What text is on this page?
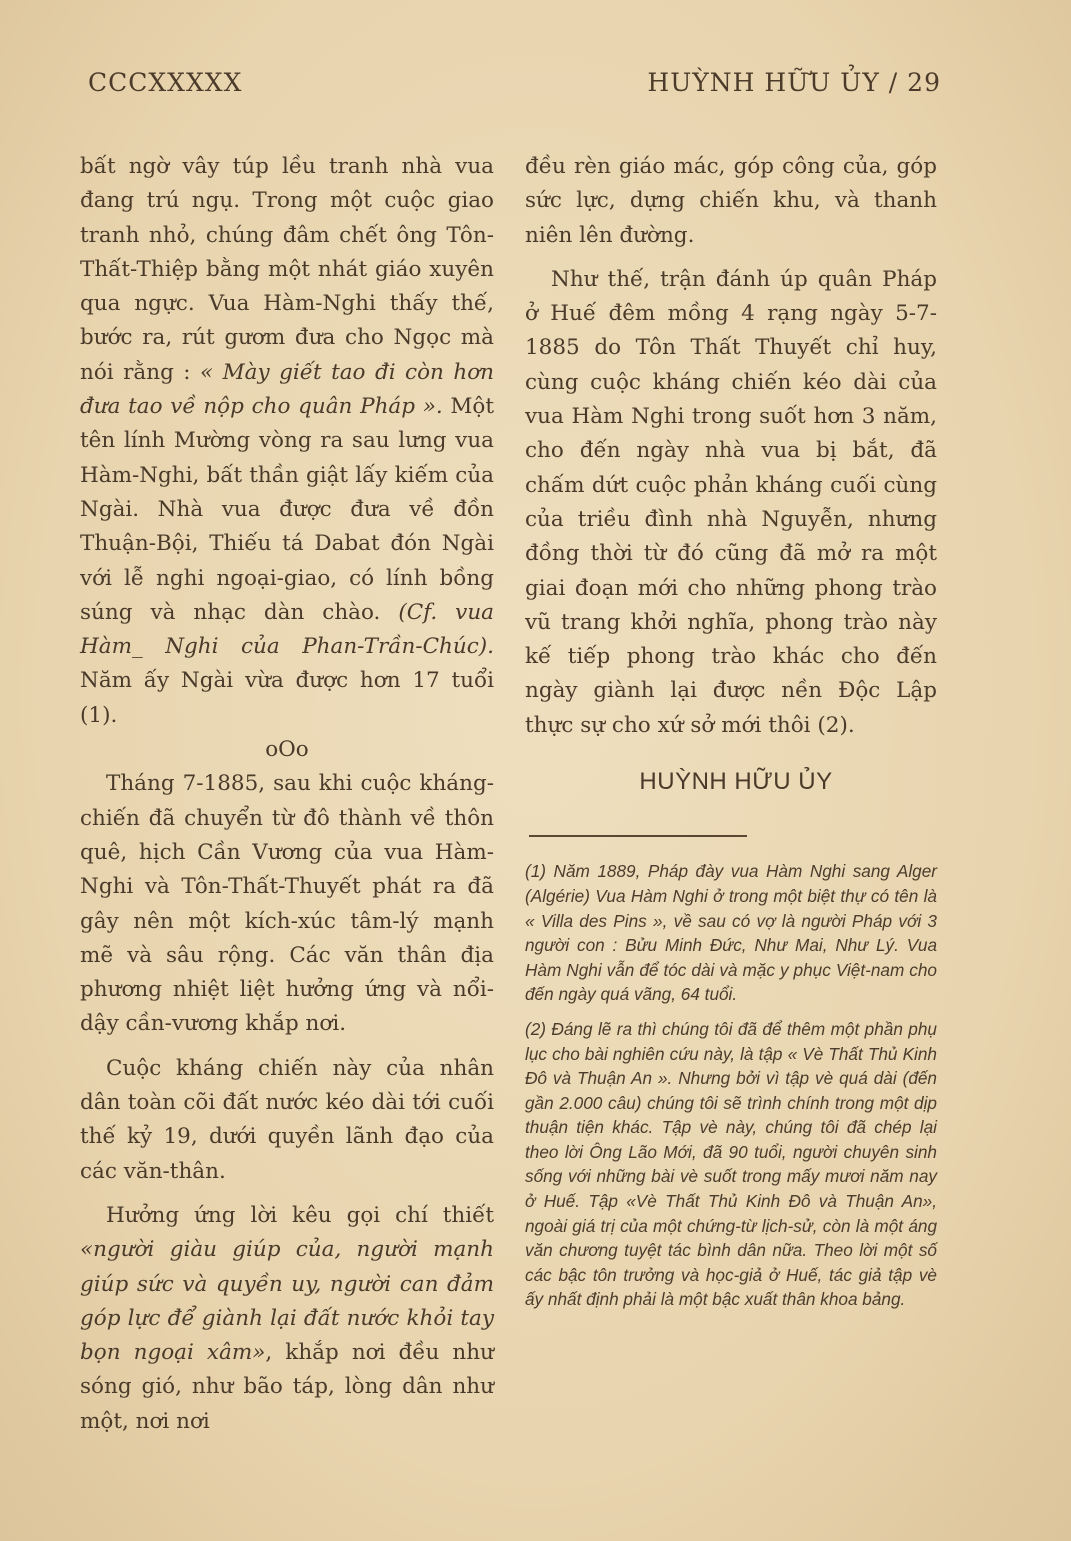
CCCXXXXX	HUỲNH HỮU ỦY / 29

bất ngờ vây túp lều tranh nhà vua đang trú ngụ. Trong một cuộc giao tranh nhỏ, chúng đâm chết ông Tôn-Thất-Thiệp bằng một nhát giáo xuyên qua ngực. Vua Hàm-Nghi thấy thế, bước ra, rút gươm đưa cho Ngọc mà nói rằng : « Mày giết tao đi còn hơn đưa tao về nộp cho quân Pháp ». Một tên lính Mường vòng ra sau lưng vua Hàm-Nghi, bất thần giật lấy kiếm của Ngài. Nhà vua được đưa về đồn Thuận-Bội, Thiếu tá Dabat đón Ngài với lễ nghi ngoại-giao, có lính bồng súng và nhạc dàn chào. (Cf. vua Hàm_ Nghi của Phan-Trần-Chúc). Năm ấy Ngài vừa được hơn 17 tuổi (1).

oOo

Tháng 7-1885, sau khi cuộc kháng-chiến đã chuyển từ đô thành về thôn quê, hịch Cần Vương của vua Hàm-Nghi và Tôn-Thất-Thuyết phát ra đã gây nên một kích-xúc tâm-lý mạnh mẽ và sâu rộng. Các văn thân địa phương nhiệt liệt hưởng ứng và nổi-dậy cần-vương khắp nơi.

Cuộc kháng chiến này của nhân dân toàn cõi đất nước kéo dài tới cuối thế kỷ 19, dưới quyền lãnh đạo của các văn-thân.

Hưởng ứng lời kêu gọi chí thiết «người giàu giúp của, người mạnh giúp sức và quyền uy, người can đảm góp lực để giành lại đất nước khỏi tay bọn ngoại xâm», khắp nơi đều như sóng gió, như bão táp, lòng dân như một, nơi nơi

đều rèn giáo mác, góp công của, góp sức lực, dựng chiến khu, và thanh niên lên đường.

Như thế, trận đánh úp quân Pháp ở Huế đêm mồng 4 rạng ngày 5-7-1885 do Tôn Thất Thuyết chỉ huy, cùng cuộc kháng chiến kéo dài của vua Hàm Nghi trong suốt hơn 3 năm, cho đến ngày nhà vua bị bắt, đã chấm dứt cuộc phản kháng cuối cùng của triều đình nhà Nguyễn, nhưng đồng thời từ đó cũng đã mở ra một giai đoạn mới cho những phong trào vũ trang khởi nghĩa, phong trào này kế tiếp phong trào khác cho đến ngày giành lại được nền Độc Lập thực sự cho xứ sở mới thôi (2).

HUỲNH HỮU ỦY

(1) Năm 1889, Pháp đày vua Hàm Nghi sang Alger (Algérie) Vua Hàm Nghi ở trong một biệt thự có tên là « Villa des Pins », về sau có vợ là người Pháp với 3 người con : Bửu Minh Đức, Như Mai, Như Lý. Vua Hàm Nghi vẫn để tóc dài và mặc y phục Việt-nam cho đến ngày quá vãng, 64 tuổi.

(2) Đáng lẽ ra thì chúng tôi đã để thêm một phần phụ lục cho bài nghiên cứu này, là tập « Vè Thất Thủ Kinh Đô và Thuận An ». Nhưng bởi vì tập vè quá dài (đến gần 2.000 câu) chúng tôi sẽ trình chính trong một dịp thuận tiện khác. Tập vè này, chúng tôi đã chép lại theo lời Ông Lão Mới, đã 90 tuổi, người chuyên sinh sống với những bài vè suốt trong mấy mươi năm nay ở Huế. Tập «Vè Thất Thủ Kinh Đô và Thuận An», ngoài giá trị của một chứng-từ lịch-sử, còn là một áng văn chương tuyệt tác bình dân nữa. Theo lời một số các bậc tôn trưởng và học-giả ở Huế, tác giả tập vè ấy nhất định phải là một bậc xuất thân khoa bảng.
